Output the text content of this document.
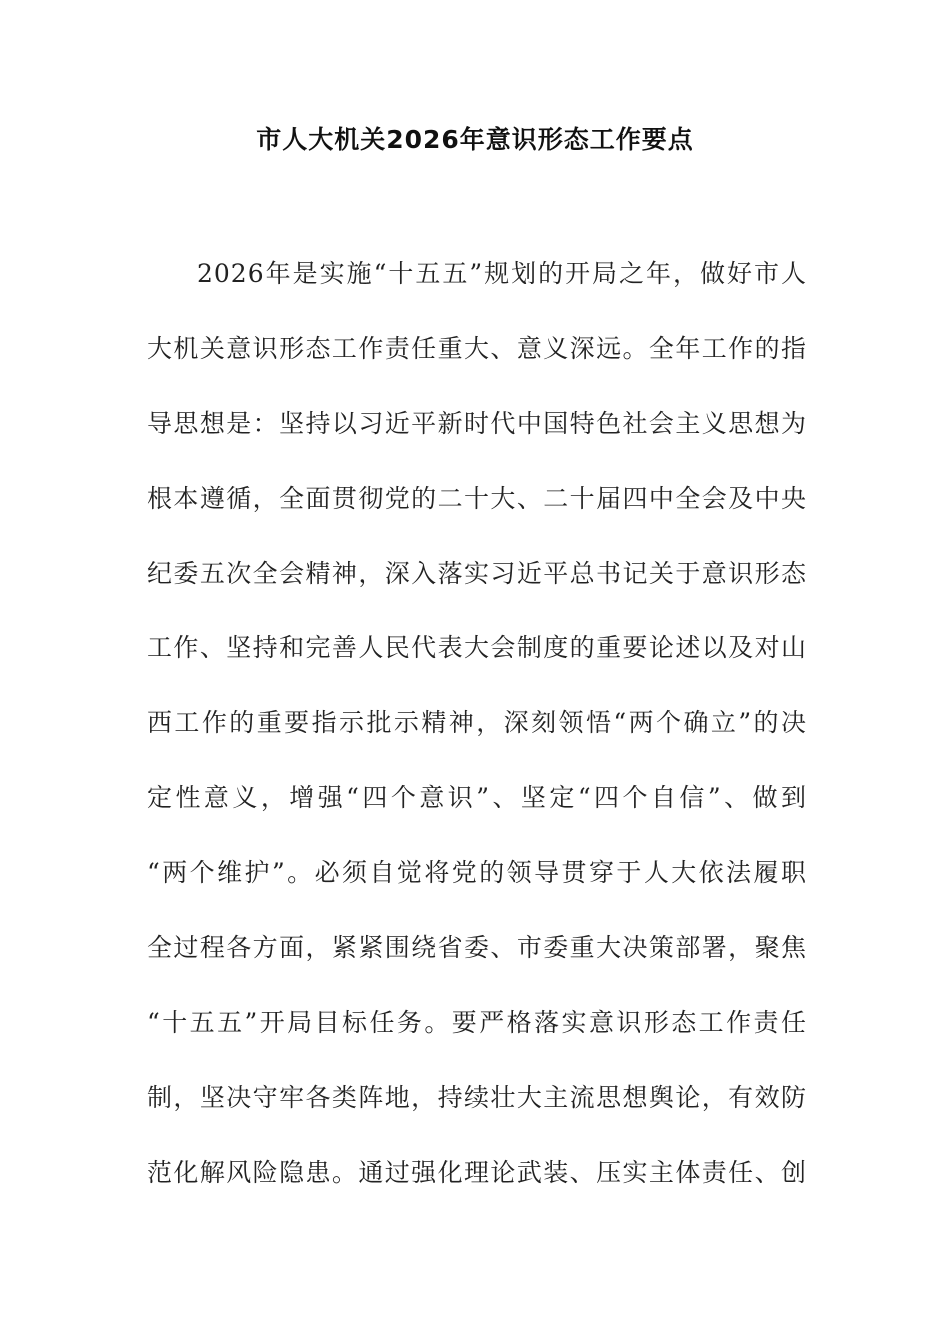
市人大机关2026年意识形态工作要点
2026年是实施“十五五”规划的开局之年，做好市人
大机关意识形态工作责任重大、意义深远。全年工作的指
导思想是：坚持以习近平新时代中国特色社会主义思想为
根本遵循，全面贯彻党的二十大、二十届四中全会及中央
纪委五次全会精神，深入落实习近平总书记关于意识形态
工作、坚持和完善人民代表大会制度的重要论述以及对山
西工作的重要指示批示精神，深刻领悟“两个确立”的决
定性意义，增强“四个意识”、坚定“四个自信”、做到
“两个维护”。必须自觉将党的领导贯穿于人大依法履职
全过程各方面，紧紧围绕省委、市委重大决策部署，聚焦
“十五五”开局目标任务。要严格落实意识形态工作责任
制，坚决守牢各类阵地，持续壮大主流思想舆论，有效防
范化解风险隐患。通过强化理论武装、压实主体责任、创
